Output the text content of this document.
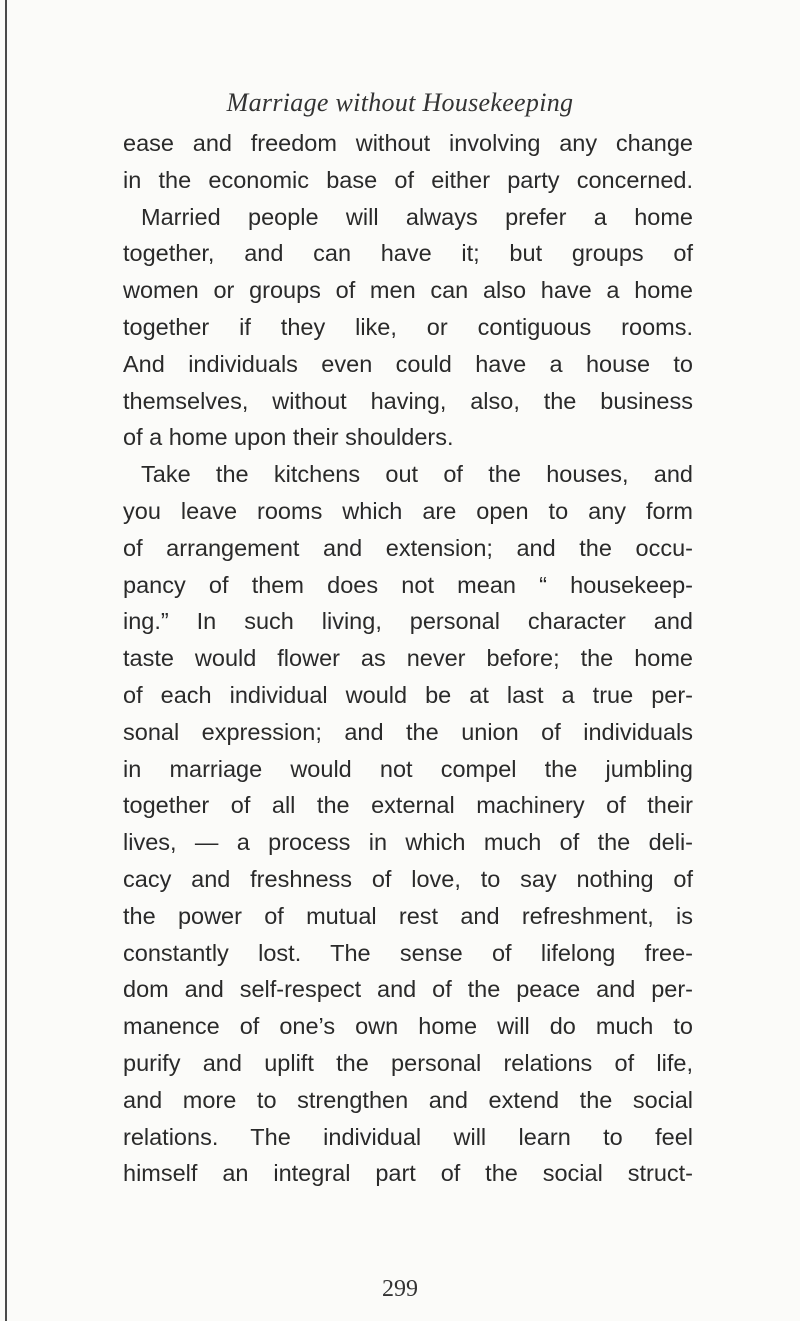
Marriage without Housekeeping
ease and freedom without involving any change
in the economic base of either party concerned.
Married people will always prefer a home
together, and can have it; but groups of
women or groups of men can also have a home
together if they like, or contiguous rooms.
And individuals even could have a house to
themselves, without having, also, the business
of a home upon their shoulders.
Take the kitchens out of the houses, and
you leave rooms which are open to any form
of arrangement and extension; and the occu-
pancy of them does not mean “ housekeep-
ing.” In such living, personal character and
taste would flower as never before; the home
of each individual would be at last a true per-
sonal expression; and the union of individuals
in marriage would not compel the jumbling
together of all the external machinery of their
lives, — a process in which much of the deli-
cacy and freshness of love, to say nothing of
the power of mutual rest and refreshment, is
constantly lost. The sense of lifelong free-
dom and self-respect and of the peace and per-
manence of one’s own home will do much to
purify and uplift the personal relations of life,
and more to strengthen and extend the social
relations. The individual will learn to feel
himself an integral part of the social struct-
299
